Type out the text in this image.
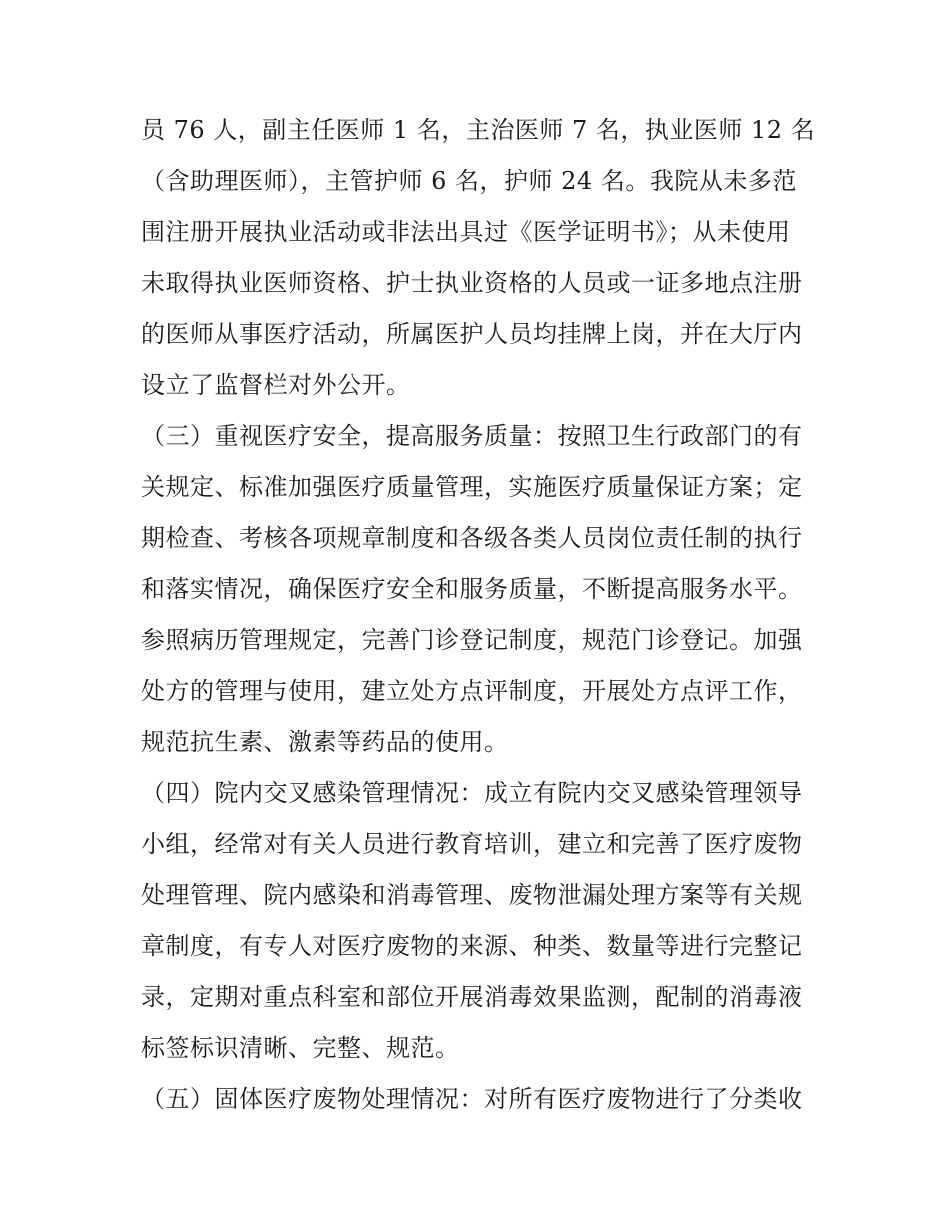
员 76 人，副主任医师 1 名，主治医师 7 名，执业医师 12 名
（含助理医师），主管护师 6 名，护师 24 名。我院从未多范
围注册开展执业活动或非法出具过《医学证明书》；从未使用
未取得执业医师资格、护士执业资格的人员或一证多地点注册
的医师从事医疗活动，所属医护人员均挂牌上岗，并在大厅内
设立了监督栏对外公开。
（三）重视医疗安全，提高服务质量：按照卫生行政部门的有
关规定、标准加强医疗质量管理，实施医疗质量保证方案；定
期检查、考核各项规章制度和各级各类人员岗位责任制的执行
和落实情况，确保医疗安全和服务质量，不断提高服务水平。
参照病历管理规定，完善门诊登记制度，规范门诊登记。加强
处方的管理与使用，建立处方点评制度，开展处方点评工作，
规范抗生素、激素等药品的使用。
（四）院内交叉感染管理情况：成立有院内交叉感染管理领导
小组，经常对有关人员进行教育培训，建立和完善了医疗废物
处理管理、院内感染和消毒管理、废物泄漏处理方案等有关规
章制度，有专人对医疗废物的来源、种类、数量等进行完整记
录，定期对重点科室和部位开展消毒效果监测，配制的消毒液
标签标识清晰、完整、规范。
（五）固体医疗废物处理情况：对所有医疗废物进行了分类收
